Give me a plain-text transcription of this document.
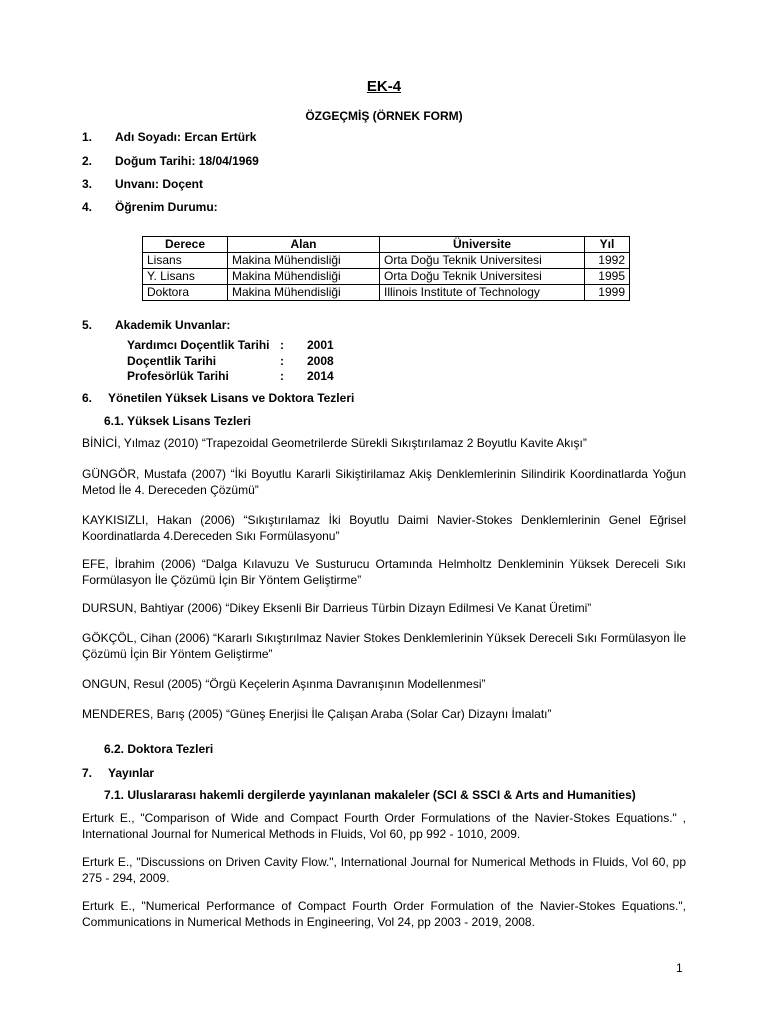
EK-4
ÖZGEÇMİŞ (ÖRNEK FORM)
1. Adı Soyadı: Ercan Ertürk
2. Doğum Tarihi: 18/04/1969
3. Unvanı: Doçent
4. Öğrenim Durumu:
Derece	Alan	Üniversite	Yıl
Lisans	Makina Mühendisliği	Orta Doğu Teknik Universitesi	1992
Y. Lisans	Makina Mühendisliği	Orta Doğu Teknik Universitesi	1995
Doktora	Makina Mühendisliği	Illinois Institute of Technology	1999
5. Akademik Unvanlar:
Yardımcı Doçentlik Tarihi : 2001
Doçentlik Tarihi	: 2008
Profesörlük Tarihi	: 2014
6. Yönetilen Yüksek Lisans ve Doktora Tezleri
6.1. Yüksek Lisans Tezleri
BİNİCİ, Yılmaz (2010) “Trapezoidal Geometrilerde Sürekli Sıkıştırılamaz 2 Boyutlu Kavite Akışı”
GÜNGÖR, Mustafa (2007) “İki Boyutlu Kararli Sikiştirilamaz Akiş Denklemlerinin Silindirik Koordinatlarda Yoğun Metod İle 4. Dereceden Çözümü”
KAYKISIZLI, Hakan (2006) “Sıkıştırılamaz İki Boyutlu Daimi Navier-Stokes Denklemlerinin Genel Eğrisel Koordinatlarda 4.Dereceden Sıkı Formülasyonu”
EFE, İbrahim (2006) “Dalga Kılavuzu Ve Susturucu Ortamında Helmholtz Denkleminin Yüksek Dereceli Sıkı Formülasyon İle Çözümü İçin Bir Yöntem Geliştirme”
DURSUN, Bahtiyar (2006) “Dikey Eksenli Bir Darrieus Türbin Dizayn Edilmesi Ve Kanat Üretimi”
GÖKÇÖL, Cihan (2006) “Kararlı Sıkıştırılmaz Navier Stokes Denklemlerinin Yüksek Dereceli Sıkı Formülasyon İle Çözümü İçin Bir Yöntem Geliştirme”
ONGUN, Resul (2005) “Örgü Keçelerin Aşınma Davranışının Modellenmesi”
MENDERES, Barış (2005) “Güneş Enerjisi İle Çalışan Araba (Solar Car) Dizaynı İmalatı”
6.2. Doktora Tezleri
7. Yayınlar
7.1. Uluslararası hakemli dergilerde yayınlanan makaleler (SCI & SSCI & Arts and Humanities)
Erturk E., "Comparison of Wide and Compact Fourth Order Formulations of the Navier-Stokes Equations." , International Journal for Numerical Methods in Fluids, Vol 60, pp 992 - 1010, 2009.
Erturk E., "Discussions on Driven Cavity Flow.", International Journal for Numerical Methods in Fluids, Vol 60, pp 275 - 294, 2009.
Erturk E., "Numerical Performance of Compact Fourth Order Formulation of the Navier-Stokes Equations.", Communications in Numerical Methods in Engineering, Vol 24, pp 2003 - 2019, 2008.
1
